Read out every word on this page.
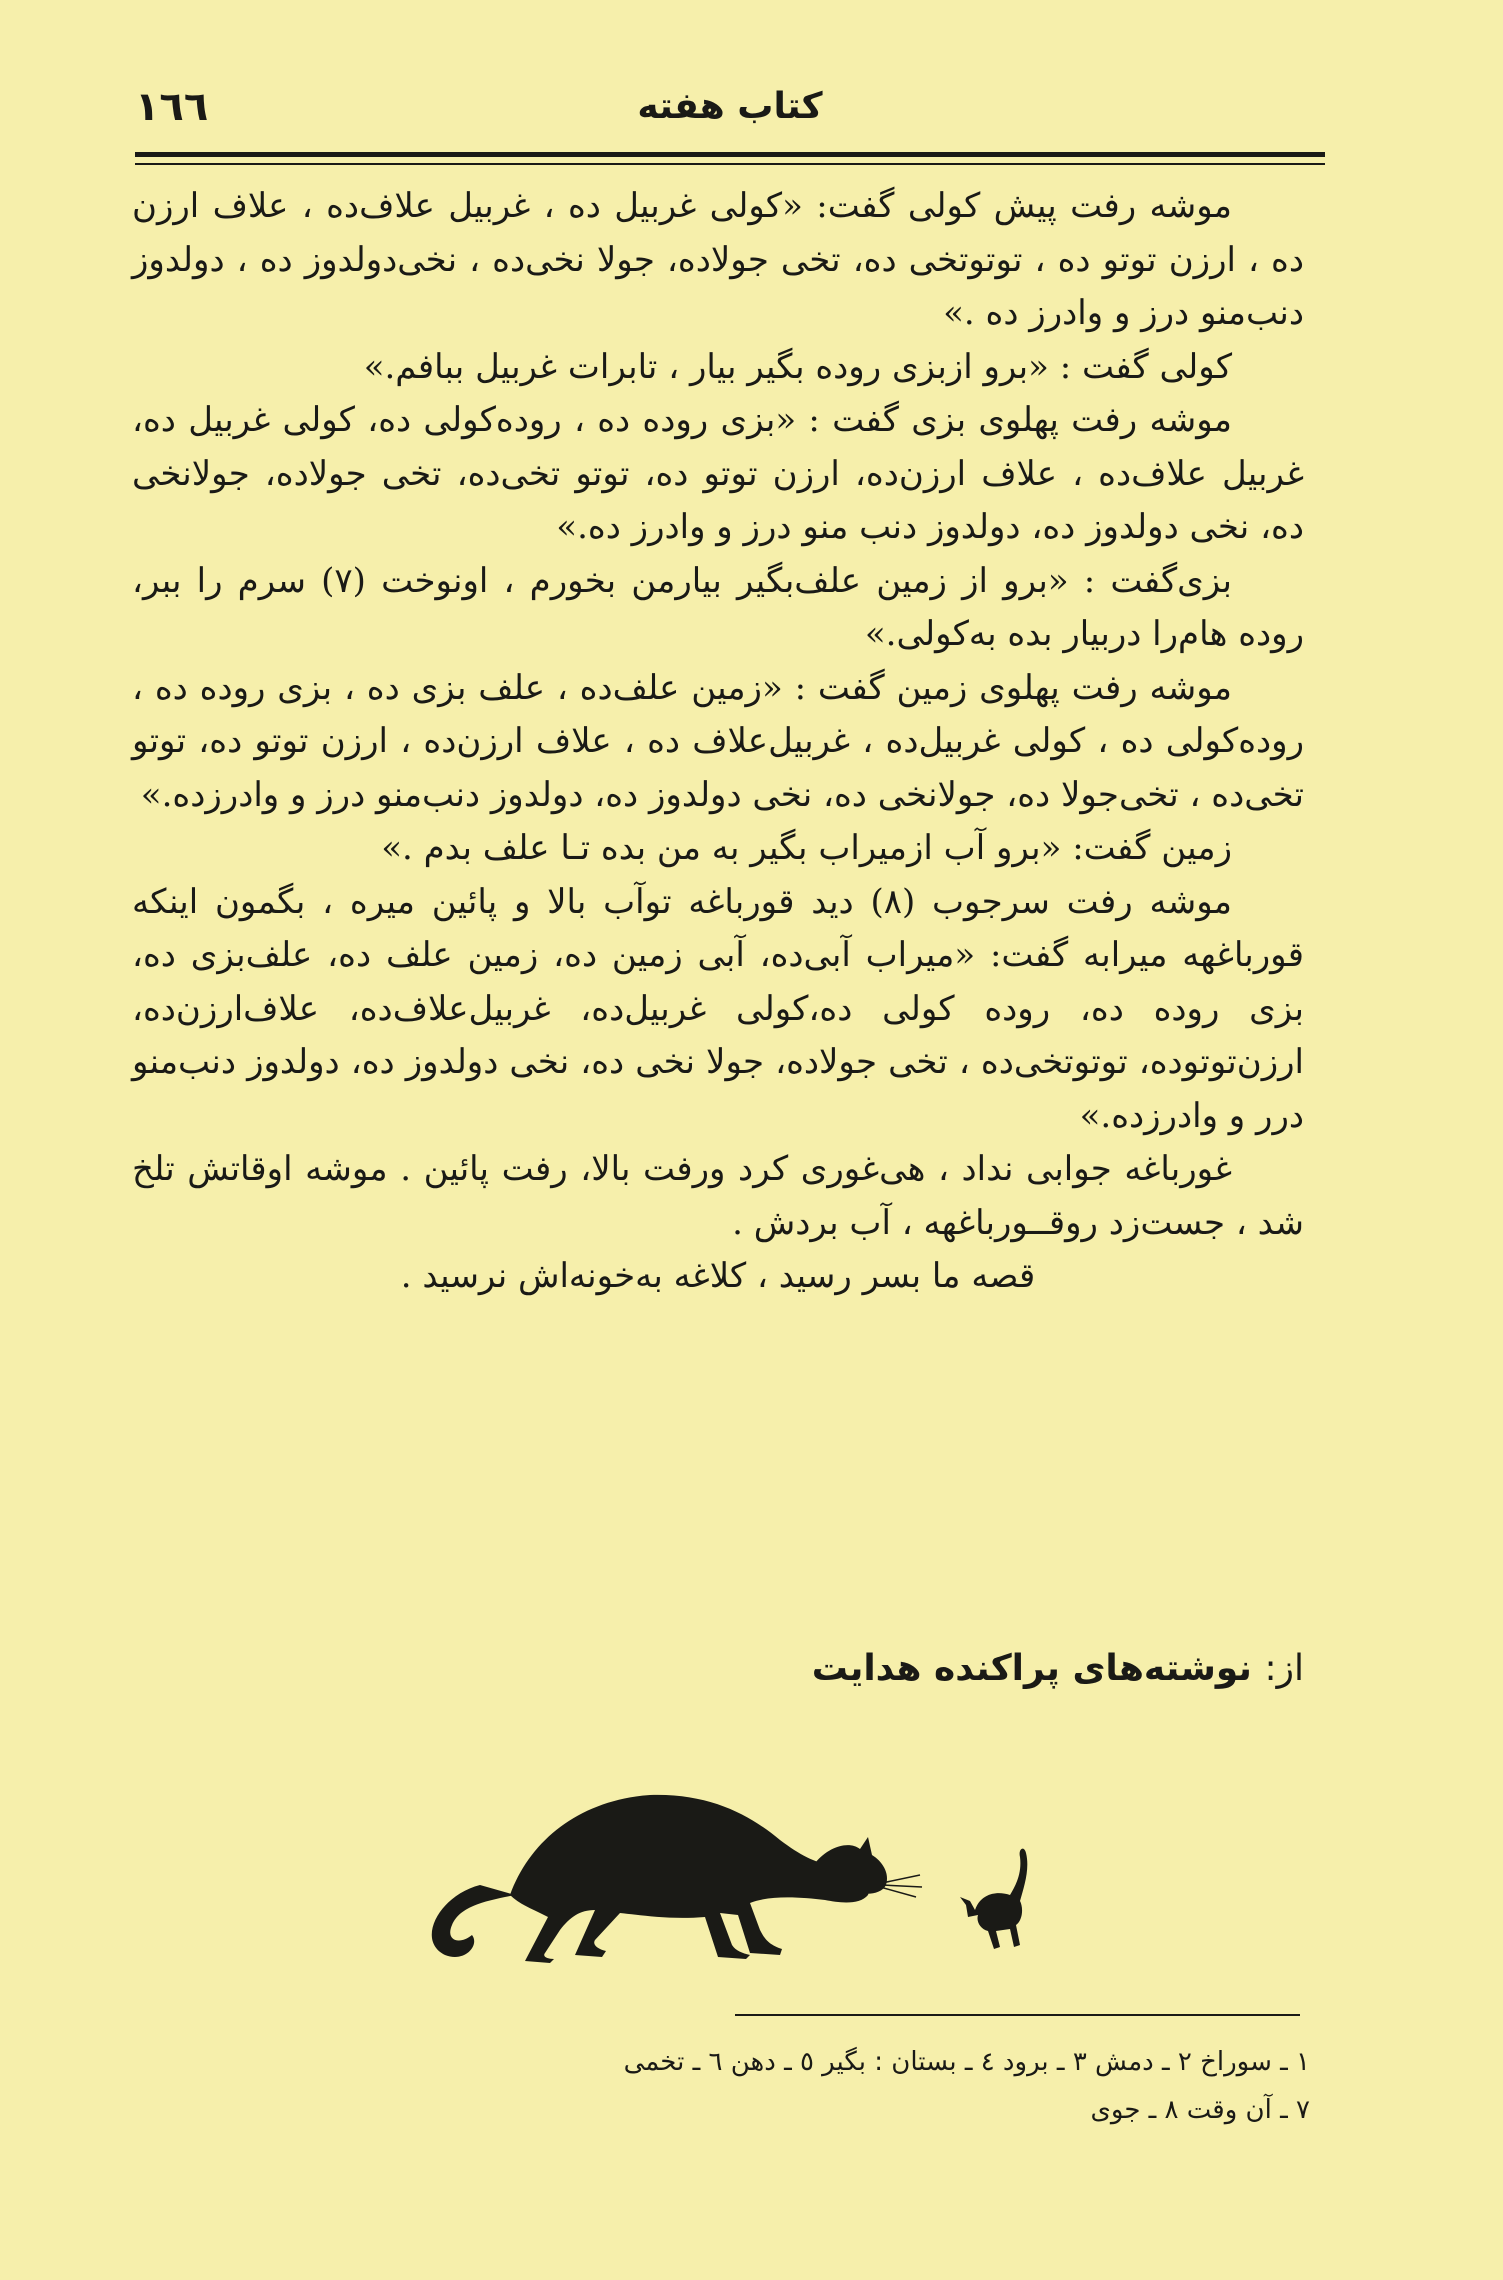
١٦٦	کتاب هفته

موشه رفت پیش کولی گفت: «کولی غربیل ده ، غربیل علاف‌ده ، علاف ارزن ده ، ارزن توتو ده ، توتوتخی ده، تخی جولاده، جولا نخی‌ده ، نخی‌دولدوز ده ، دولدوز دنب‌منو درز و وادرز ده .»

کولی گفت : «برو ازبزی روده بگیر بیار ، تابرات غربیل ببافم.»

موشه رفت پهلوی بزی گفت : «بزی روده ده ، روده‌کولی ده، کولی غربیل ده، غربیل علاف‌ده ، علاف ارزن‌ده، ارزن توتو ده، توتو تخی‌ده، تخی جولاده، جولانخی ده، نخی دولدوز ده، دولدوز دنب منو درز و وادرز ده.»

بزی‌گفت : «برو از زمین علف‌بگیر بیارمن بخورم ، اونوخت (۷) سرم را ببر، روده هام‌را دربیار بده به‌کولی.»

موشه رفت پهلوی زمین گفت : «زمین علف‌ده ، علف بزی ده ، بزی روده ده ، روده‌کولی ده ، کولی غربیل‌ده ، غربیل‌علاف ده ، علاف ارزن‌ده ، ارزن توتو ده، توتو تخی‌ده ، تخی‌جولا ده، جولانخی ده، نخی دولدوز ده، دولدوز دنب‌منو درز و وادرزده.»

زمین گفت: «برو آب ازمیراب بگیر به من بده تـا علف بدم .»

موشه رفت سرجوب (۸) دید قورباغه توآب بالا و پائین میره ، بگمون اینکه قورباغهه میرابه گفت: «میراب آبی‌ده، آبی زمین ده، زمین علف ده، علف‌بزی ده، بزی روده ده، روده کولی ده،کولی غربیل‌ده، غربیل‌علاف‌ده، علاف‌ارزن‌ده، ارزن‌توتوده، توتوتخی‌ده ، تخی جولاده، جولا نخی ده، نخی دولدوز ده، دولدوز دنب‌منو درر و وادرزده.»

غورباغه جوابی نداد ، هی‌غوری کرد ورفت بالا، رفت پائین . موشه اوقاتش تلخ شد ، جست‌زد روقــورباغهه ، آب بردش .

قصه ما بسر رسید ، کلاغه به‌خونه‌اش نرسید .

از: نوشته‌های پراکنده هدایت
۱ ـ سوراخ ۲ ـ دمش ۳ ـ برود ٤ ـ بستان : بگیر ٥ ـ دهن ٦ ـ تخمی
۷ ـ آن وقت ۸ ـ جوی
